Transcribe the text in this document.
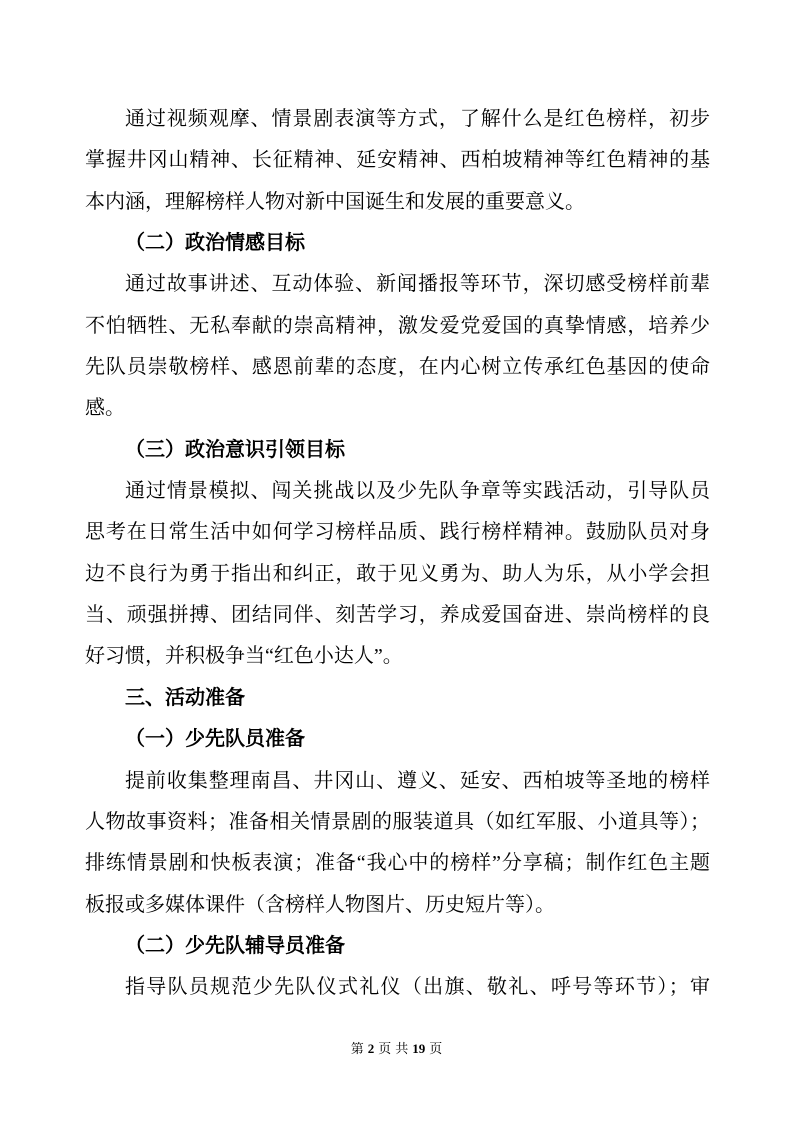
通过视频观摩、情景剧表演等方式，了解什么是红色榜样，初步
掌握井冈山精神、长征精神、延安精神、西柏坡精神等红色精神的基
本内涵，理解榜样人物对新中国诞生和发展的重要意义。
（二）政治情感目标
通过故事讲述、互动体验、新闻播报等环节，深切感受榜样前辈
不怕牺牲、无私奉献的崇高精神，激发爱党爱国的真挚情感，培养少
先队员崇敬榜样、感恩前辈的态度，在内心树立传承红色基因的使命
感。
（三）政治意识引领目标
通过情景模拟、闯关挑战以及少先队争章等实践活动，引导队员
思考在日常生活中如何学习榜样品质、践行榜样精神。鼓励队员对身
边不良行为勇于指出和纠正，敢于见义勇为、助人为乐，从小学会担
当、顽强拼搏、团结同伴、刻苦学习，养成爱国奋进、崇尚榜样的良
好习惯，并积极争当“红色小达人”。
三、活动准备
（一）少先队员准备
提前收集整理南昌、井冈山、遵义、延安、西柏坡等圣地的榜样
人物故事资料；准备相关情景剧的服装道具（如红军服、小道具等）；
排练情景剧和快板表演；准备“我心中的榜样”分享稿；制作红色主题
板报或多媒体课件（含榜样人物图片、历史短片等）。
（二）少先队辅导员准备
指导队员规范少先队仪式礼仪（出旗、敬礼、呼号等环节）；审
第 2 页 共 19 页
